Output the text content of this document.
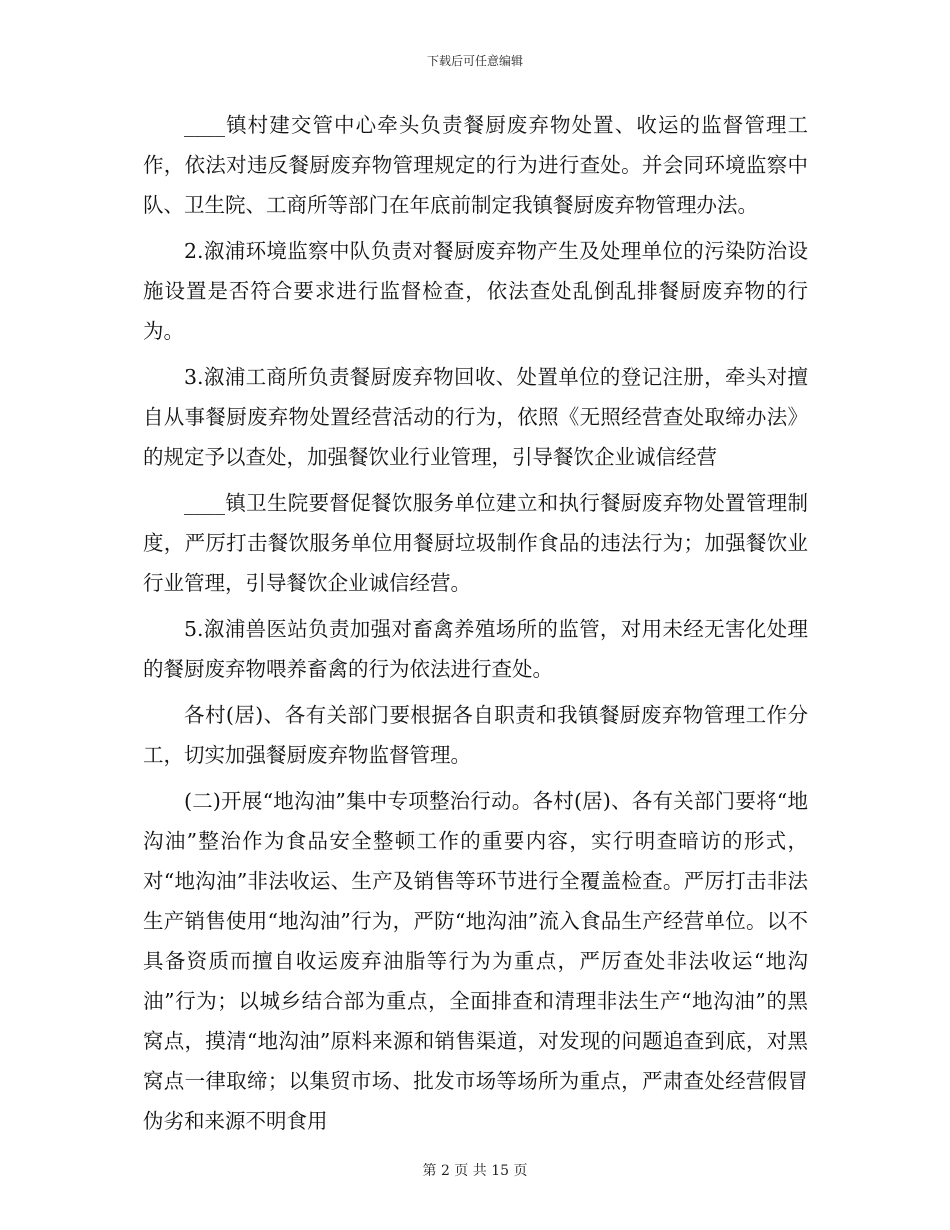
下载后可任意编辑

____镇村建交管中心牵头负责餐厨废弃物处置、收运的监督管理工作，依法对违反餐厨废弃物管理规定的行为进行查处。并会同环境监察中队、卫生院、工商所等部门在年底前制定我镇餐厨废弃物管理办法。

2.溆浦环境监察中队负责对餐厨废弃物产生及处理单位的污染防治设施设置是否符合要求进行监督检查，依法查处乱倒乱排餐厨废弃物的行为。

3.溆浦工商所负责餐厨废弃物回收、处置单位的登记注册，牵头对擅自从事餐厨废弃物处置经营活动的行为，依照《无照经营查处取缔办法》的规定予以查处，加强餐饮业行业管理，引导餐饮企业诚信经营

____镇卫生院要督促餐饮服务单位建立和执行餐厨废弃物处置管理制度，严厉打击餐饮服务单位用餐厨垃圾制作食品的违法行为；加强餐饮业行业管理，引导餐饮企业诚信经营。

5.溆浦兽医站负责加强对畜禽养殖场所的监管，对用未经无害化处理的餐厨废弃物喂养畜禽的行为依法进行查处。

各村(居)、各有关部门要根据各自职责和我镇餐厨废弃物管理工作分工，切实加强餐厨废弃物监督管理。

(二)开展“地沟油”集中专项整治行动。各村(居)、各有关部门要将“地沟油”整治作为食品安全整顿工作的重要内容，实行明查暗访的形式，对“地沟油”非法收运、生产及销售等环节进行全覆盖检查。严厉打击非法生产销售使用“地沟油”行为，严防“地沟油”流入食品生产经营单位。以不具备资质而擅自收运废弃油脂等行为为重点，严厉查处非法收运“地沟油”行为；以城乡结合部为重点，全面排查和清理非法生产“地沟油”的黑窝点，摸清“地沟油”原料来源和销售渠道，对发现的问题追查到底，对黑窝点一律取缔；以集贸市场、批发市场等场所为重点，严肃查处经营假冒伪劣和来源不明食用

第 2 页 共 15 页
